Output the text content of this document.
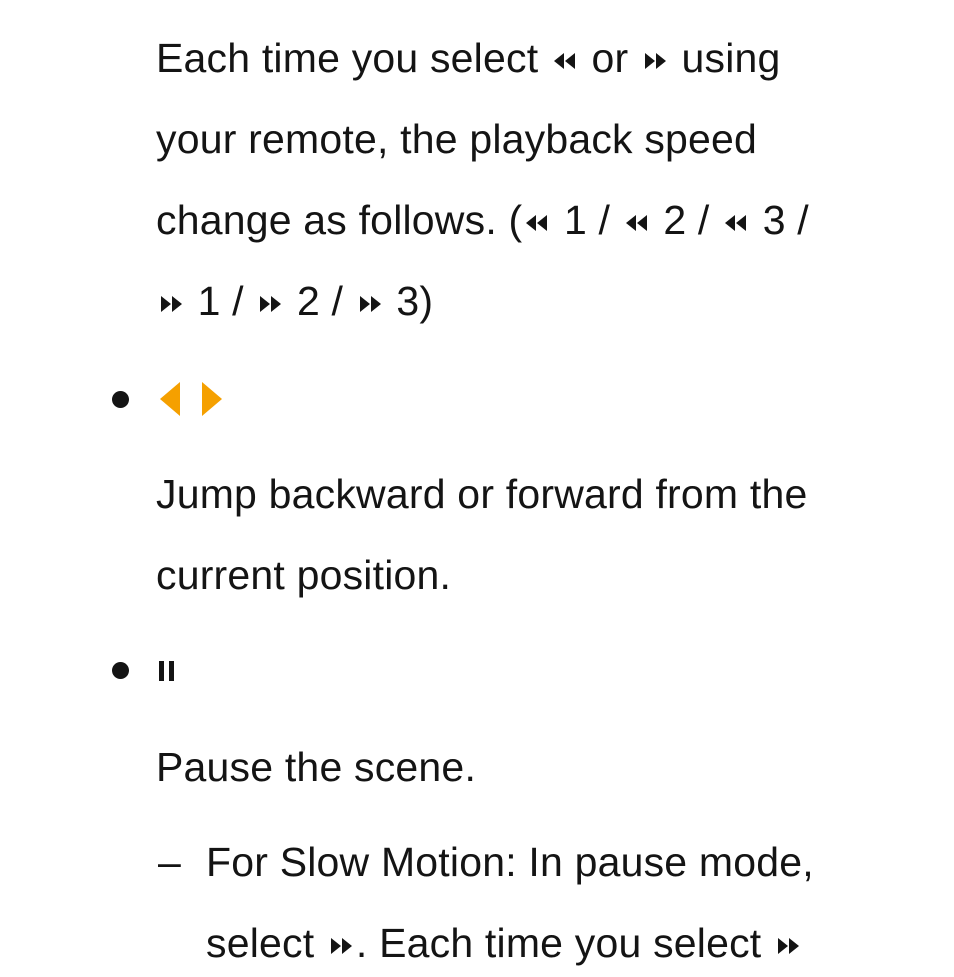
Each time you select or using
your remote, the playback speed
change as follows. ( 1 / 2 / 3 /
1 / 2 / 3)
Jump backward or forward from the
current position.
Pause the scene.
– For Slow Motion: In pause mode,
select . Each time you select
